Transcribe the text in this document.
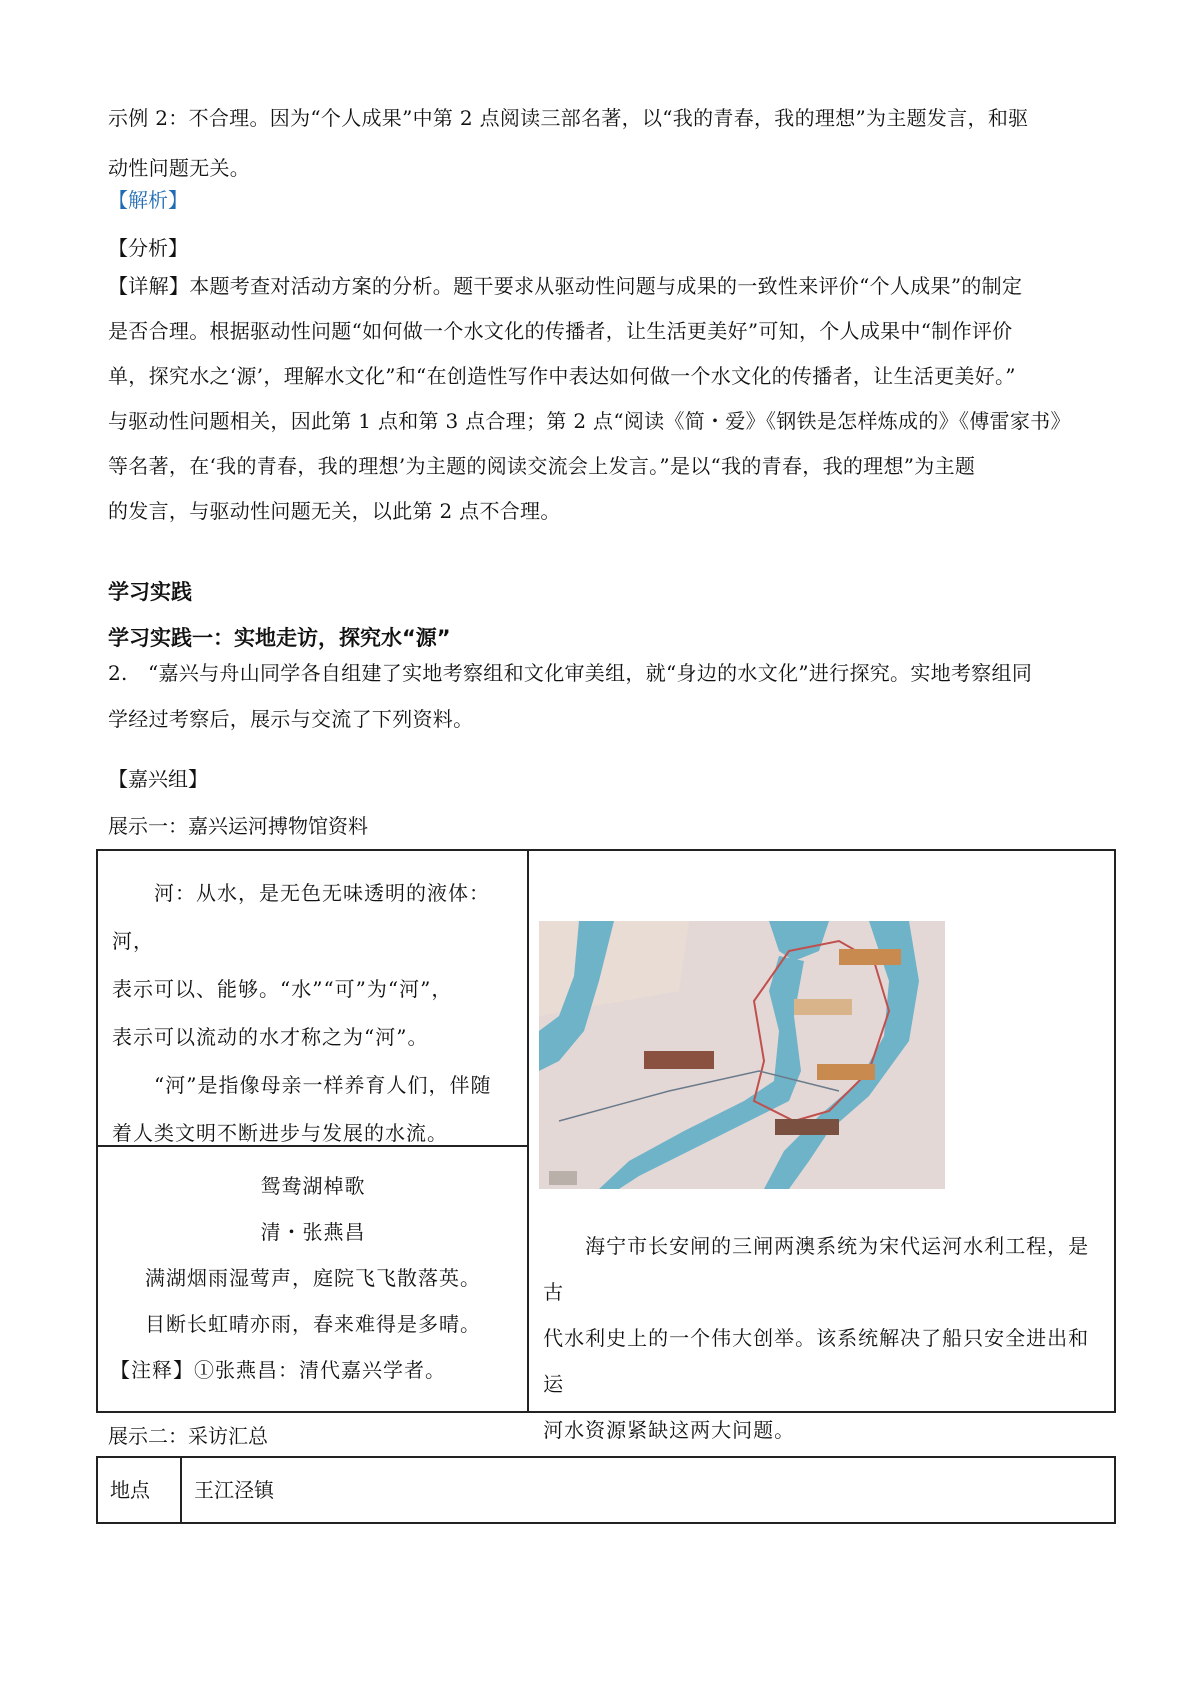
示例 2：不合理。因为“个人成果”中第 2 点阅读三部名著，以“我的青春，我的理想”为主题发言，和驱
动性问题无关。
【解析】
【分析】
【详解】本题考查对活动方案的分析。题干要求从驱动性问题与成果的一致性来评价“个人成果”的制定
是否合理。根据驱动性问题“如何做一个水文化的传播者，让生活更美好”可知，个人成果中“制作评价
单，探究水之‘源’，理解水文化”和“在创造性写作中表达如何做一个水文化的传播者，让生活更美好。”
与驱动性问题相关，因此第 1 点和第 3 点合理；第 2 点“阅读《简・爱》《钢铁是怎样炼成的》《傅雷家书》
等名著，在‘我的青春，我的理想’为主题的阅读交流会上发言。”是以“我的青春，我的理想”为主题
的发言，与驱动性问题无关，以此第 2 点不合理。
学习实践
学习实践一：实地走访，探究水“源”
2.　“嘉兴与舟山同学各自组建了实地考察组和文化审美组，就“身边的水文化”进行探究。实地考察组同
学经过考察后，展示与交流了下列资料。
【嘉兴组】
展示一：嘉兴运河搏物馆资料
　　河：从水，是无色无味透明的液体：河，
表示可以、能够。“水”“可”为“河”，
表示可以流动的水才称之为“河”。
　　“河”是指像母亲一样养育人们，伴随
着人类文明不断进步与发展的水流。

　　海宁市长安闸的三闸两澳系统为宋代运河水利工程，是古
代水利史上的一个伟大创举。该系统解决了船只安全进出和运
河水资源紧缺这两大问题。

鸳鸯湖棹歌
清・张燕昌
满湖烟雨湿莺声，庭院飞飞散落英。
目断长虹晴亦雨，春来难得是多晴。
【注释】①张燕昌：清代嘉兴学者。
展示二：采访汇总
地点	王江泾镇
